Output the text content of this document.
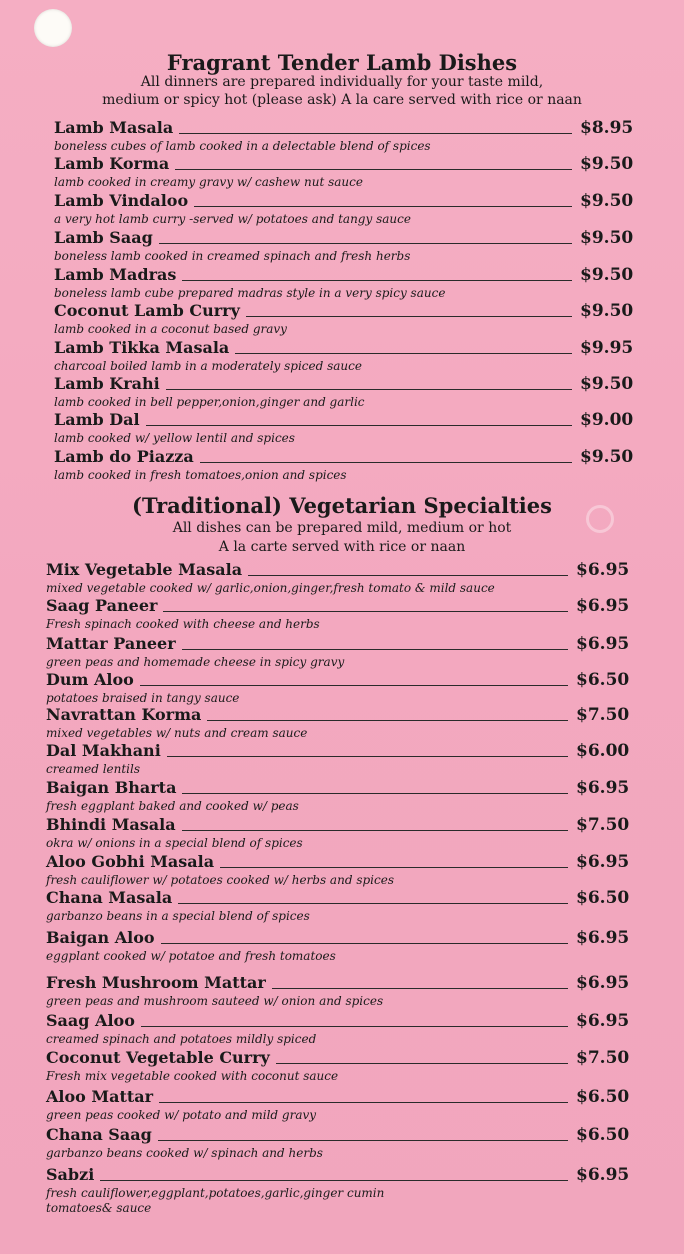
Fragrant Tender Lamb Dishes
All dinners are prepared individually for your taste mild,
medium or spicy hot (please ask) A la care served with rice or naan
Lamb Masala	$8.95
boneless cubes of lamb cooked in a delectable blend of spices
Lamb Korma	$9.50
lamb cooked in creamy gravy w/ cashew nut sauce
Lamb Vindaloo	$9.50
a very hot lamb curry -served w/ potatoes and tangy sauce
Lamb Saag	$9.50
boneless lamb cooked in creamed spinach and fresh herbs
Lamb Madras	$9.50
boneless lamb cube prepared madras style in a very spicy sauce
Coconut Lamb Curry	$9.50
lamb cooked in a coconut based gravy
Lamb Tikka Masala	$9.95
charcoal boiled lamb in a moderately spiced sauce
Lamb Krahi	$9.50
lamb cooked in bell pepper,onion,ginger and garlic
Lamb Dal	$9.00
lamb cooked w/ yellow lentil and spices
Lamb do Piazza	$9.50
lamb cooked in fresh tomatoes,onion and spices
(Traditional) Vegetarian Specialties
All dishes can be prepared mild, medium or hot
A la carte served with rice or naan
Mix Vegetable Masala	$6.95
mixed vegetable cooked w/ garlic,onion,ginger,fresh tomato & mild sauce
Saag Paneer	$6.95
Fresh spinach cooked with cheese and herbs
Mattar Paneer	$6.95
green peas and homemade cheese in spicy gravy
Dum Aloo	$6.50
potatoes braised in tangy sauce
Navrattan Korma	$7.50
mixed vegetables w/ nuts and cream sauce
Dal Makhani	$6.00
creamed lentils
Baigan Bharta	$6.95
fresh eggplant baked and cooked w/ peas
Bhindi Masala	$7.50
okra w/ onions in a special blend of spices
Aloo Gobhi Masala	$6.95
fresh cauliflower w/ potatoes cooked w/ herbs and spices
Chana Masala	$6.50
garbanzo beans in a special blend of spices
Baigan Aloo	$6.95
eggplant cooked w/ potatoe and fresh tomatoes
Fresh Mushroom Mattar	$6.95
green peas and mushroom sauteed w/ onion and spices
Saag Aloo	$6.95
creamed spinach and potatoes mildly spiced
Coconut Vegetable Curry	$7.50
Fresh mix vegetable cooked with coconut sauce
Aloo Mattar	$6.50
green peas cooked w/ potato and mild gravy
Chana Saag	$6.50
garbanzo beans cooked w/ spinach and herbs
Sabzi	$6.95
fresh cauliflower,eggplant,potatoes,garlic,ginger cumin
tomatoes& sauce
